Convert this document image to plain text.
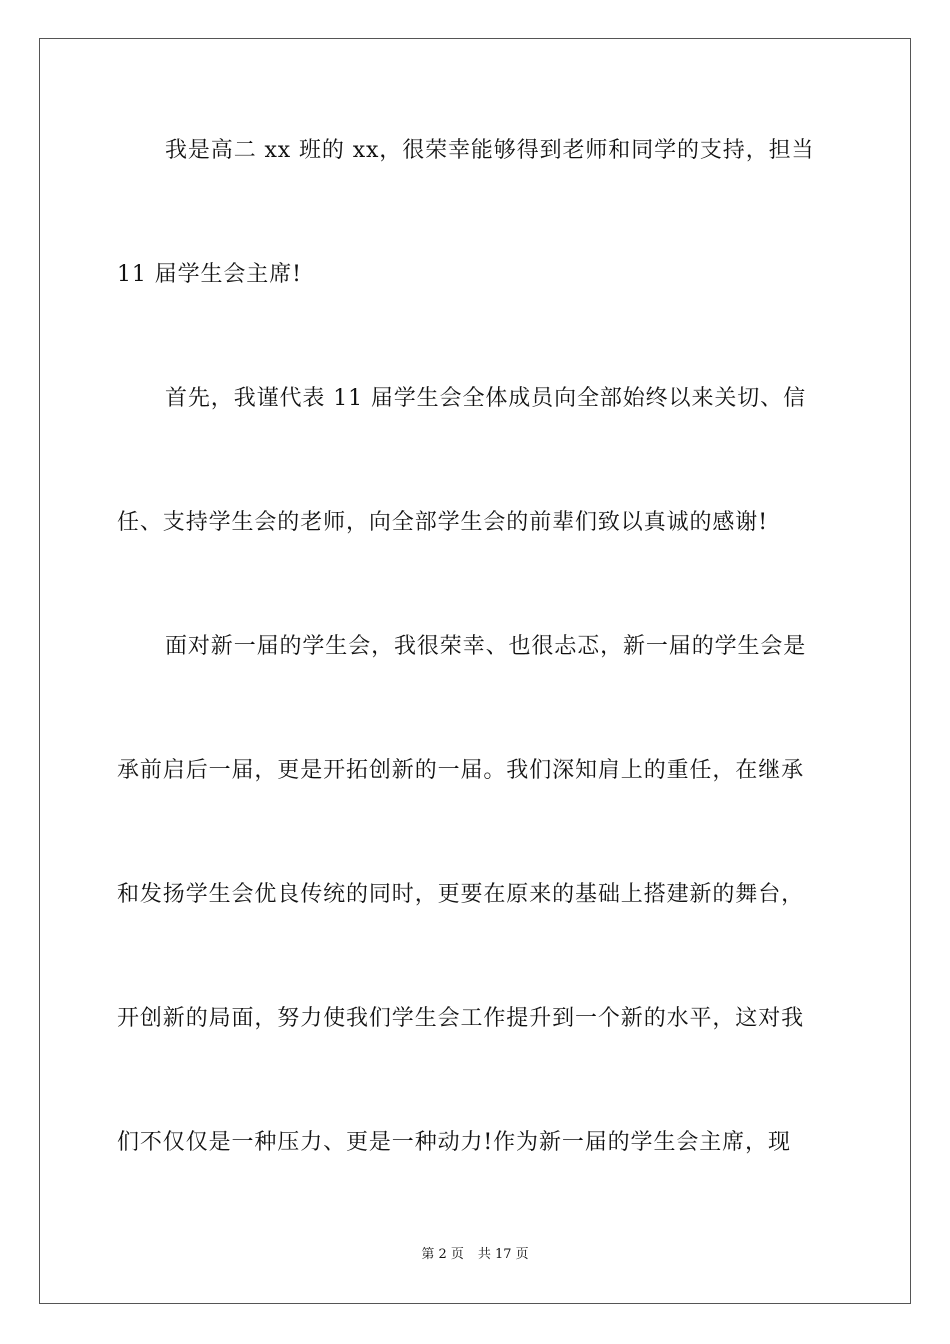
我是高二 xx 班的 xx，很荣幸能够得到老师和同学的支持，担当
11 届学生会主席!
首先，我谨代表 11 届学生会全体成员向全部始终以来关切、信
任、支持学生会的老师，向全部学生会的前辈们致以真诚的感谢!
面对新一届的学生会，我很荣幸、也很忐忑，新一届的学生会是
承前启后一届，更是开拓创新的一届。我们深知肩上的重任，在继承
和发扬学生会优良传统的同时，更要在原来的基础上搭建新的舞台，
开创新的局面，努力使我们学生会工作提升到一个新的水平，这对我
们不仅仅是一种压力、更是一种动力!作为新一届的学生会主席，现
第 2 页 共 17 页
